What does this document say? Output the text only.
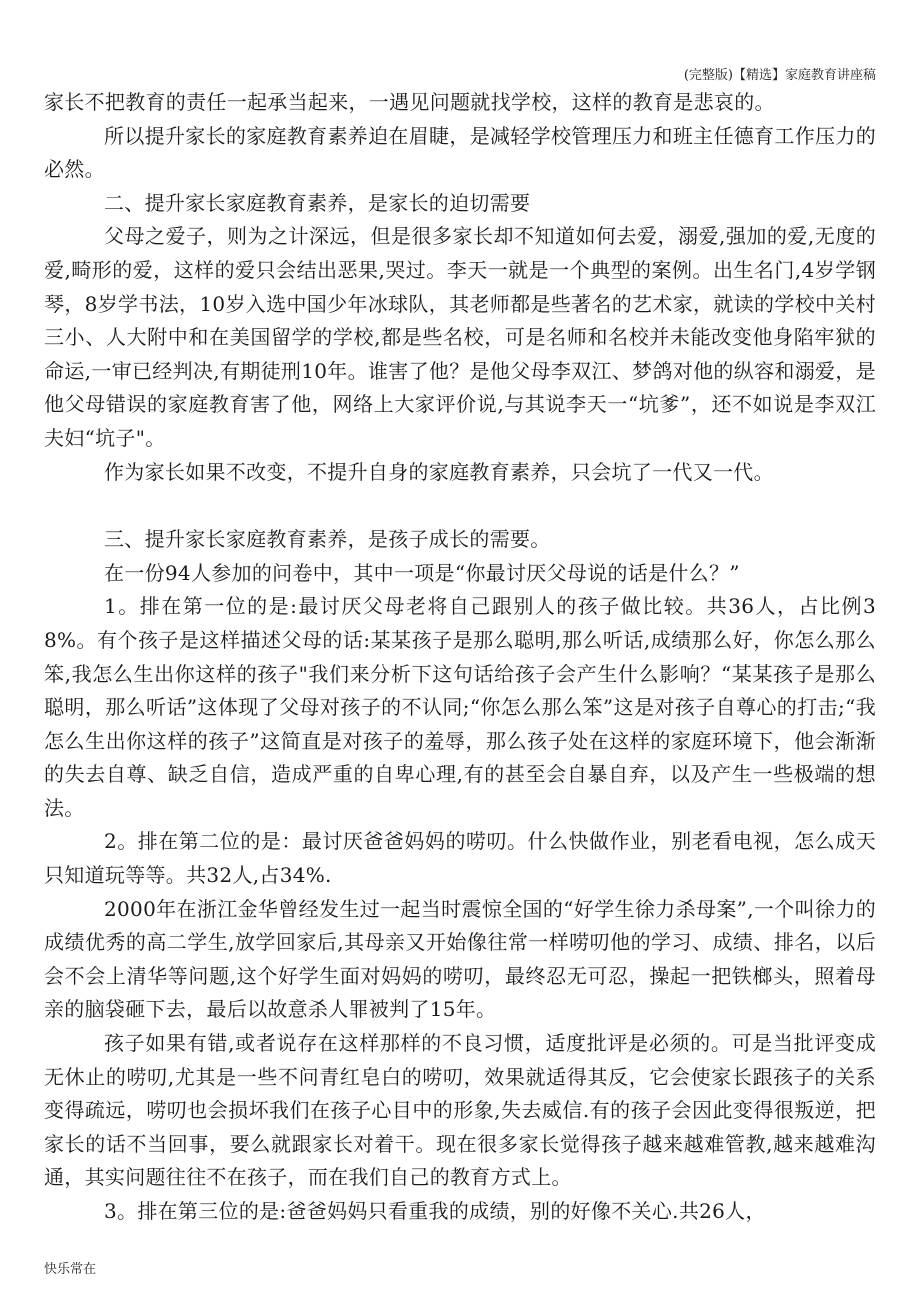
(完整版)【精选】家庭教育讲座稿

家长不把教育的责任一起承当起来，一遇见问题就找学校，这样的教育是悲哀的。

所以提升家长的家庭教育素养迫在眉睫，是减轻学校管理压力和班主任德育工作压力的必然。

二、提升家长家庭教育素养，是家长的迫切需要

父母之爱子，则为之计深远，但是很多家长却不知道如何去爱，溺爱,强加的爱,无度的爱,畸形的爱，这样的爱只会结出恶果,哭过。李天一就是一个典型的案例。出生名门,4岁学钢琴，8岁学书法，10岁入选中国少年冰球队，其老师都是些著名的艺术家，就读的学校中关村三小、人大附中和在美国留学的学校,都是些名校，可是名师和名校并未能改变他身陷牢狱的命运,一审已经判决,有期徒刑10年。谁害了他？是他父母李双江、梦鸽对他的纵容和溺爱，是他父母错误的家庭教育害了他，网络上大家评价说,与其说李天一“坑爹”，还不如说是李双江夫妇“坑子"。

作为家长如果不改变，不提升自身的家庭教育素养，只会坑了一代又一代。

三、提升家长家庭教育素养，是孩子成长的需要。

在一份94人参加的问卷中，其中一项是“你最讨厌父母说的话是什么？”

1。排在第一位的是:最讨厌父母老将自己跟别人的孩子做比较。共36人，占比例38%。有个孩子是这样描述父母的话:某某孩子是那么聪明,那么听话,成绩那么好，你怎么那么笨,我怎么生出你这样的孩子"我们来分析下这句话给孩子会产生什么影响？“某某孩子是那么聪明，那么听话”这体现了父母对孩子的不认同;“你怎么那么笨”这是对孩子自尊心的打击;“我怎么生出你这样的孩子”这简直是对孩子的羞辱，那么孩子处在这样的家庭环境下，他会渐渐的失去自尊、缺乏自信，造成严重的自卑心理,有的甚至会自暴自弃，以及产生一些极端的想法。

2。排在第二位的是：最讨厌爸爸妈妈的唠叨。什么快做作业，别老看电视，怎么成天只知道玩等等。共32人,占34%.

2000年在浙江金华曾经发生过一起当时震惊全国的“好学生徐力杀母案”,一个叫徐力的成绩优秀的高二学生,放学回家后,其母亲又开始像往常一样唠叨他的学习、成绩、排名，以后会不会上清华等问题,这个好学生面对妈妈的唠叨，最终忍无可忍，操起一把铁榔头，照着母亲的脑袋砸下去，最后以故意杀人罪被判了15年。

孩子如果有错,或者说存在这样那样的不良习惯，适度批评是必须的。可是当批评变成无休止的唠叨,尤其是一些不问青红皂白的唠叨，效果就适得其反，它会使家长跟孩子的关系变得疏远，唠叨也会损坏我们在孩子心目中的形象,失去威信.有的孩子会因此变得很叛逆，把家长的话不当回事，要么就跟家长对着干。现在很多家长觉得孩子越来越难管教,越来越难沟通，其实问题往往不在孩子，而在我们自己的教育方式上。

3。排在第三位的是:爸爸妈妈只看重我的成绩，别的好像不关心.共26人，

快乐常在
